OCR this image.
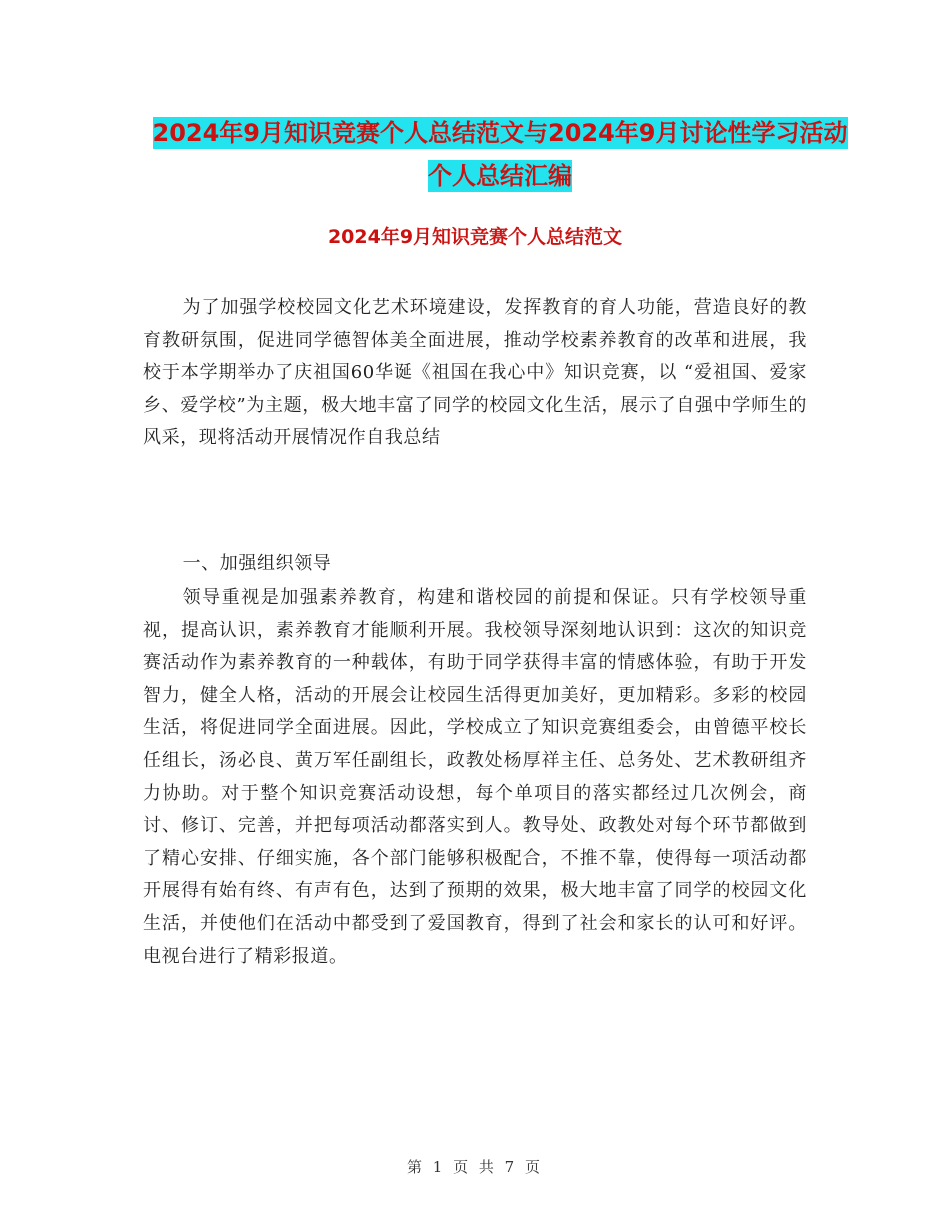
2024年9月知识竞赛个人总结范文与2024年9月讨论性学习活动个人总结汇编
2024年9月知识竞赛个人总结范文

为了加强学校校园文化艺术环境建设，发挥教育的育人功能，营造良好的教育教研氛围，促进同学德智体美全面进展，推动学校素养教育的改革和进展，我校于本学期举办了庆祖国60华诞《祖国在我心中》知识竞赛，以 “爱祖国、爱家乡、爱学校”为主题，极大地丰富了同学的校园文化生活，展示了自强中学师生的风采，现将活动开展情况作自我总结

一、加强组织领导

领导重视是加强素养教育，构建和谐校园的前提和保证。只有学校领导重视，提高认识，素养教育才能顺利开展。我校领导深刻地认识到：这次的知识竞赛活动作为素养教育的一种载体，有助于同学获得丰富的情感体验，有助于开发智力，健全人格，活动的开展会让校园生活得更加美好，更加精彩。多彩的校园生活，将促进同学全面进展。因此，学校成立了知识竞赛组委会，由曾德平校长任组长，汤必良、黄万军任副组长，政教处杨厚祥主任、总务处、艺术教研组齐力协助。对于整个知识竞赛活动设想，每个单项目的落实都经过几次例会，商讨、修订、完善，并把每项活动都落实到人。教导处、政教处对每个环节都做到了精心安排、仔细实施，各个部门能够积极配合，不推不靠，使得每一项活动都开展得有始有终、有声有色，达到了预期的效果，极大地丰富了同学的校园文化生活，并使他们在活动中都受到了爱国教育，得到了社会和家长的认可和好评。电视台进行了精彩报道。

第 1 页 共 7 页
